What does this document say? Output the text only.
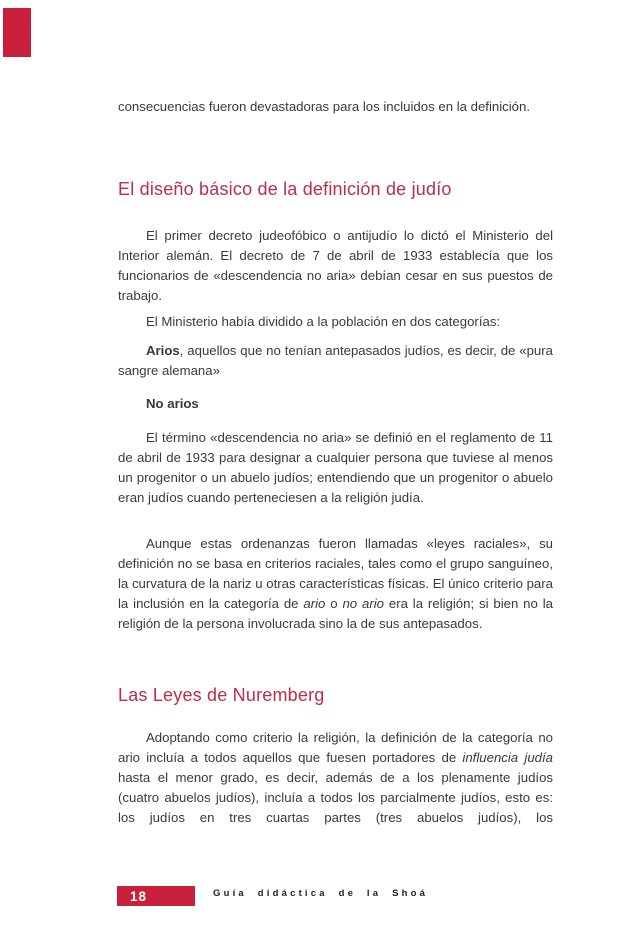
consecuencias fueron devastadoras para los incluidos en la definición.

El diseño básico de la definición de judío

El primer decreto judeofóbico o antijudío lo dictó el Ministerio del Interior alemán. El decreto de 7 de abril de 1933 establecía que los funcionarios de «descendencia no aria» debían cesar en sus puestos de trabajo.

El Ministerio había dividido a la población en dos categorías:

Arios, aquellos que no tenían antepasados judíos, es decir, de «pura sangre alemana»

No arios

El término «descendencia no aria» se definió en el reglamento de 11 de abril de 1933 para designar a cualquier persona que tuviese al menos un progenitor o un abuelo judíos; entendiendo que un progenitor o abuelo eran judíos cuando perteneciesen a la religión judía.

Aunque estas ordenanzas fueron llamadas «leyes raciales», su definición no se basa en criterios raciales, tales como el grupo sanguíneo, la curvatura de la nariz u otras características físicas. El único criterio para la inclusión en la categoría de ario o no ario era la religión; si bien no la religión de la persona involucrada sino la de sus antepasados.

Las Leyes de Nuremberg

Adoptando como criterio la religión, la definición de la categoría no ario incluía a todos aquellos que fuesen portadores de influencia judía hasta el menor grado, es decir, además de a los plenamente judíos (cuatro abuelos judíos), incluía a todos los parcialmente judíos, esto es: los judíos en tres cuartas partes (tres abuelos judíos), los

18	Guía didáctica de la Shoá
